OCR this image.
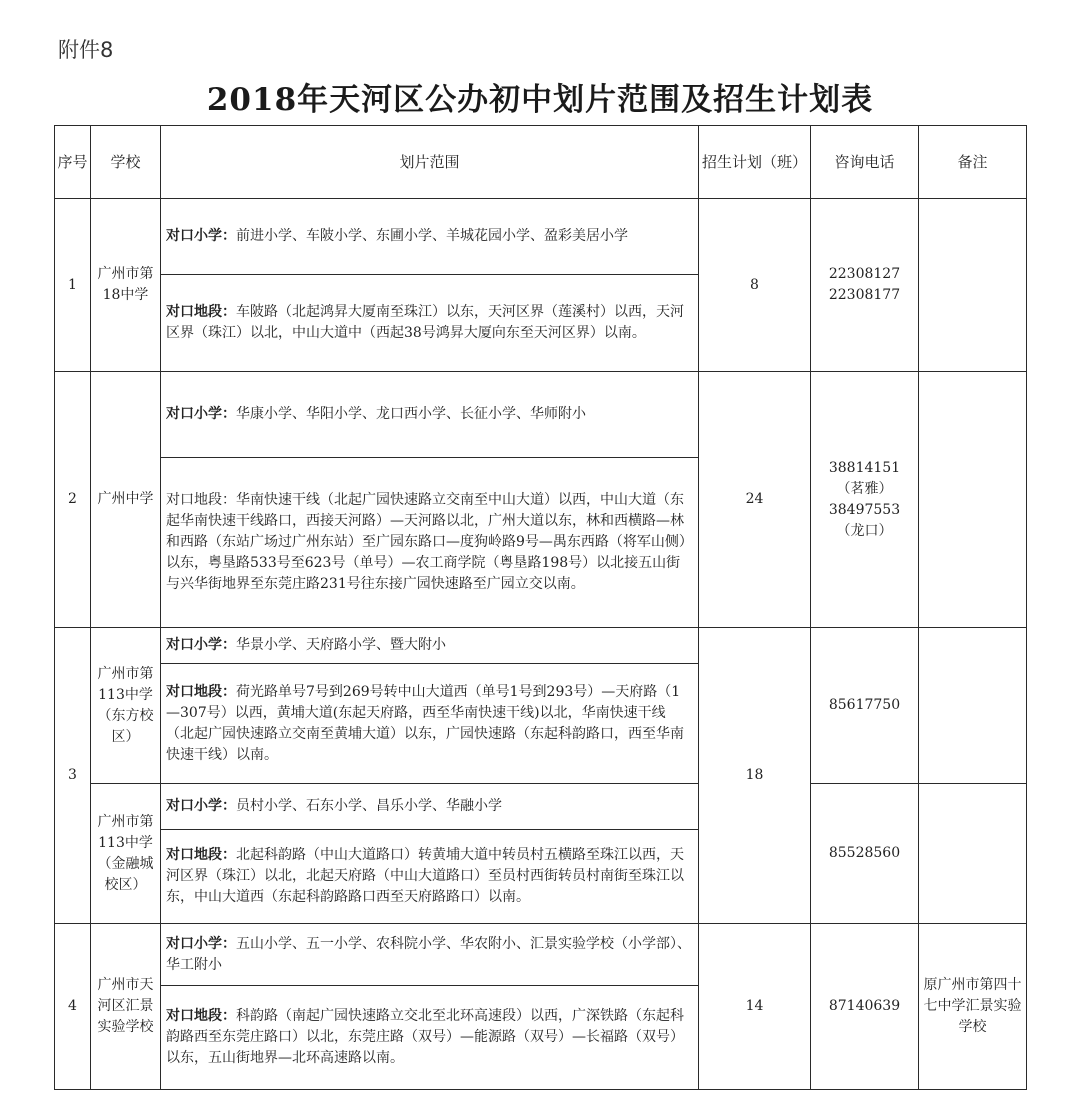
附件8
2018年天河区公办初中划片范围及招生计划表
序号	学校	划片范围	招生计划（班）	咨询电话	备注
1	广州市第18中学	对口小学：前进小学、车陂小学、东圃小学、羊城花园小学、盈彩美居小学	8	22308127
22308177	

		对口地段：车陂路（北起鸿昇大厦南至珠江）以东，天河区界（莲溪村）以西，天河区界（珠江）以北，中山大道中（西起38号鸿昇大厦向东至天河区界）以南。			
2	广州中学	对口小学：华康小学、华阳小学、龙口西小学、长征小学、华师附小	24	38814151
（茗雅）
38497553
（龙口）	

		对口地段：华南快速干线（北起广园快速路立交南至中山大道）以西，中山大道（东起华南快速干线路口，西接天河路）—天河路以北，广州大道以东，林和西横路—林和西路（东站广场过广州东站）至广园东路口—度狗岭路9号—禺东西路（将军山侧）以东，粤垦路533号至623号（单号）—农工商学院（粤垦路198号）以北接五山街与兴华街地界至东莞庄路231号往东接广园快速路至广园立交以南。			
3	广州市第113中学（东方校区）	对口小学：华景小学、天府路小学、暨大附小	18	85617750	
		对口地段：荷光路单号7号到269号转中山大道西（单号1号到293号）—天府路（1—307号）以西，黄埔大道(东起天府路，西至华南快速干线)以北，华南快速干线（北起广园快速路立交南至黄埔大道）以东，广园快速路（东起科韵路口，西至华南快速干线）以南。			
	广州市第113中学（金融城校区）	对口小学：员村小学、石东小学、昌乐小学、华融小学		85528560	
		对口地段：北起科韵路（中山大道路口）转黄埔大道中转员村五横路至珠江以西，天河区界（珠江）以北，北起天府路（中山大道路口）至员村西街转员村南街至珠江以东，中山大道西（东起科韵路路口西至天府路路口）以南。			
4	广州市天河区汇景实验学校	对口小学：五山小学、五一小学、农科院小学、华农附小、汇景实验学校（小学部）、华工附小	14	87140639	原广州市第四十七中学汇景实验学校
		对口地段：科韵路（南起广园快速路立交北至北环高速段）以西，广深铁路（东起科韵路西至东莞庄路口）以北，东莞庄路（双号）—能源路（双号）—长福路（双号）以东，五山街地界—北环高速路以南。			
